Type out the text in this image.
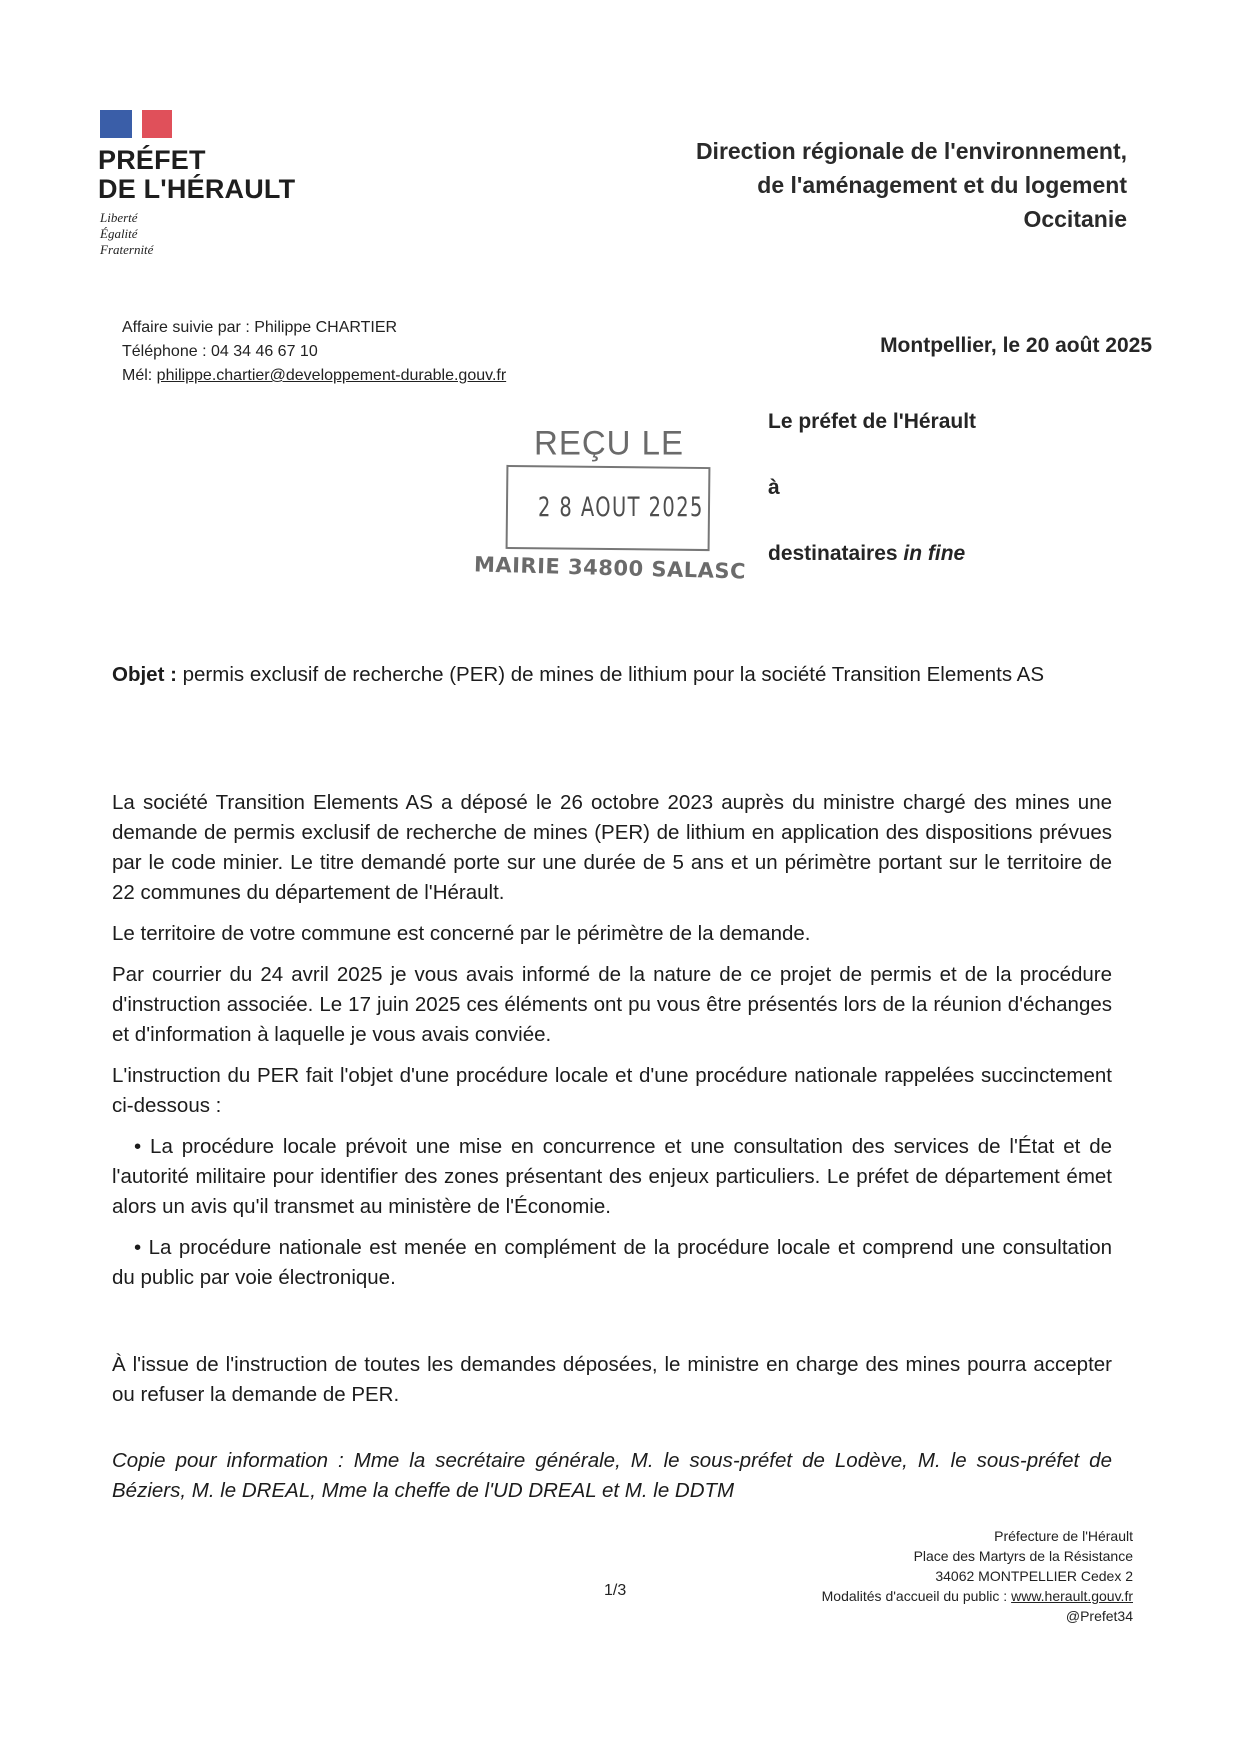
PRÉFET
DE L'HÉRAULT
Liberté
Égalité
Fraternité
Direction régionale de l'environnement,
de l'aménagement et du logement
Occitanie
Affaire suivie par : Philippe CHARTIER
Téléphone : 04 34 46 67 10
Mél: philippe.chartier@developpement-durable.gouv.fr
Montpellier, le 20 août 2025
REÇU LE
2 8 AOUT 2025
MAIRIE 34800 SALASC
Le préfet de l'Hérault
à
destinataires in fine
Objet : permis exclusif de recherche (PER) de mines de lithium pour la société Transition Elements AS

La société Transition Elements AS a déposé le 26 octobre 2023 auprès du ministre chargé des mines une demande de permis exclusif de recherche de mines (PER) de lithium en application des dispositions prévues par le code minier. Le titre demandé porte sur une durée de 5 ans et un périmètre portant sur le territoire de 22 communes du département de l'Hérault.

Le territoire de votre commune est concerné par le périmètre de la demande.

Par courrier du 24 avril 2025 je vous avais informé de la nature de ce projet de permis et de la procédure d'instruction associée. Le 17 juin 2025 ces éléments ont pu vous être présentés lors de la réunion d'échanges et d'information à laquelle je vous avais conviée.

L'instruction du PER fait l'objet d'une procédure locale et d'une procédure nationale rappelées succinctement ci-dessous :

• La procédure locale prévoit une mise en concurrence et une consultation des services de l'État et de l'autorité militaire pour identifier des zones présentant des enjeux particuliers. Le préfet de département émet alors un avis qu'il transmet au ministère de l'Économie.

• La procédure nationale est menée en complément de la procédure locale et comprend une consultation du public par voie électronique.

À l'issue de l'instruction de toutes les demandes déposées, le ministre en charge des mines pourra accepter ou refuser la demande de PER.
Copie pour information : Mme la secrétaire générale, M. le sous-préfet de Lodève, M. le sous-préfet de Béziers, M. le DREAL, Mme la cheffe de l'UD DREAL et M. le DDTM
1/3
Préfecture de l'Hérault
Place des Martyrs de la Résistance
34062 MONTPELLIER Cedex 2
Modalités d'accueil du public : www.herault.gouv.fr
@Prefet34
